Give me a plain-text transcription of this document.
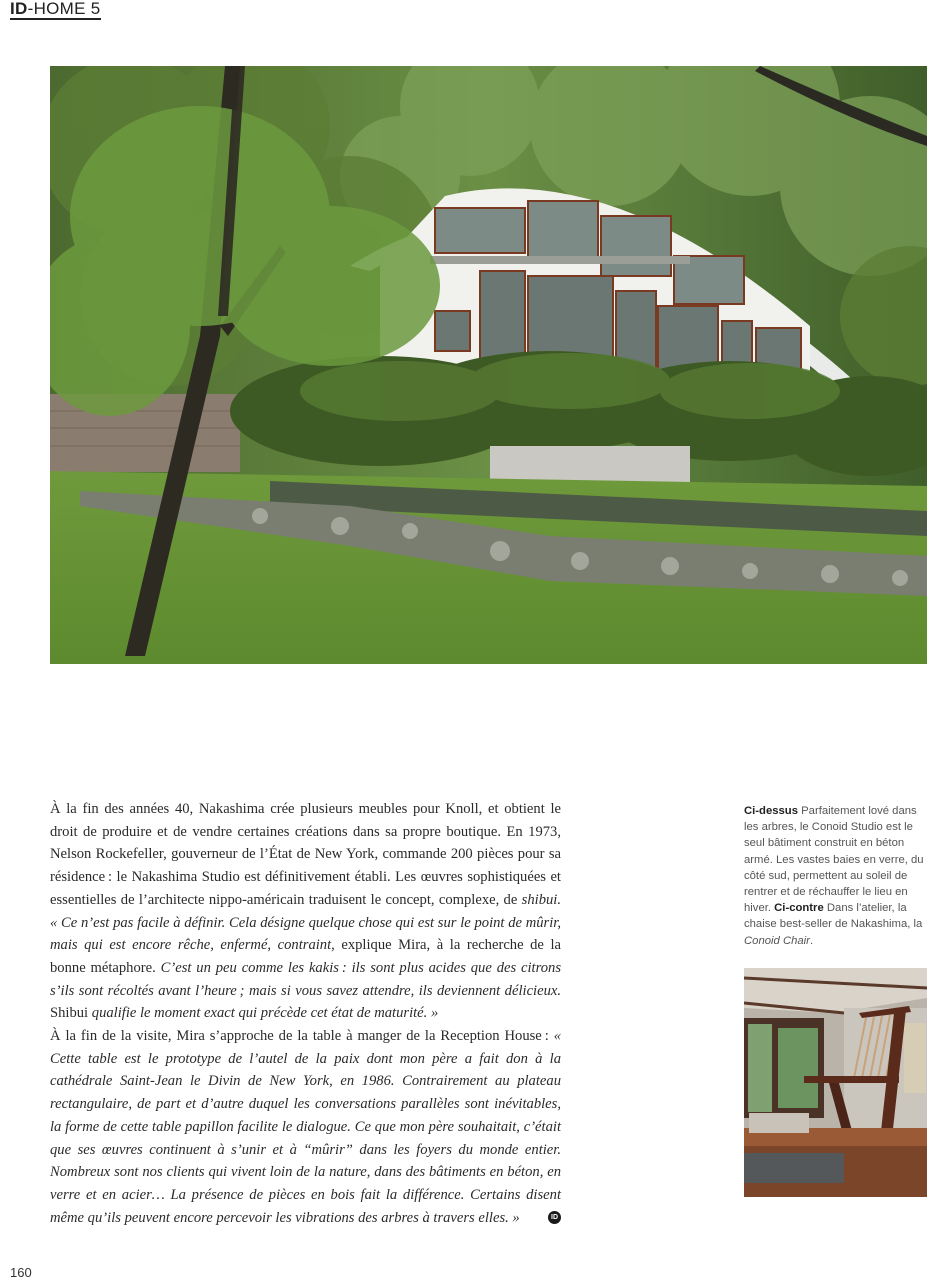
ID-HOME 5

À la fin des années 40, Nakashima crée plusieurs meubles pour Knoll, et obtient le droit de produire et de vendre certaines créations dans sa propre boutique. En 1973, Nelson Rockefeller, gouverneur de l’État de New York, commande 200 pièces pour sa résidence : le Nakashima Studio est définitivement établi. Les œuvres sophistiquées et essentielles de l’architecte nippo-américain traduisent le concept, complexe, de shibui. « Ce n’est pas facile à définir. Cela désigne quelque chose qui est sur le point de mûrir, mais qui est encore rêche, enfermé, contraint, explique Mira, à la recherche de la bonne métaphore. C’est un peu comme les kakis : ils sont plus acides que des citrons s’ils sont récoltés avant l’heure ; mais si vous savez attendre, ils deviennent délicieux. Shibui qualifie le moment exact qui précède cet état de maturité. »

À la fin de la visite, Mira s’approche de la table à manger de la Reception House : « Cette table est le prototype de l’autel de la paix dont mon père a fait don à la cathédrale Saint-Jean le Divin de New York, en 1986. Contrairement au plateau rectangulaire, de part et d’autre duquel les conversations parallèles sont inévitables, la forme de cette table papillon facilite le dialogue. Ce que mon père souhaitait, c’était que ses œuvres continuent à s’unir et à “mûrir” dans les foyers du monde entier. Nombreux sont nos clients qui vivent loin de la nature, dans des bâtiments en béton, en verre et en acier… La présence de pièces en bois fait la différence. Certains disent même qu’ils peuvent encore percevoir les vibrations des arbres à travers elles. »	ID

Ci-dessus Parfaitement lové dans les arbres, le Conoid Studio est le seul bâtiment construit en béton armé. Les vastes baies en verre, du côté sud, permettent au soleil de rentrer et de réchauffer le lieu en hiver. Ci-contre Dans l’atelier, la chaise best-seller de Nakashima, la Conoid Chair.
160
